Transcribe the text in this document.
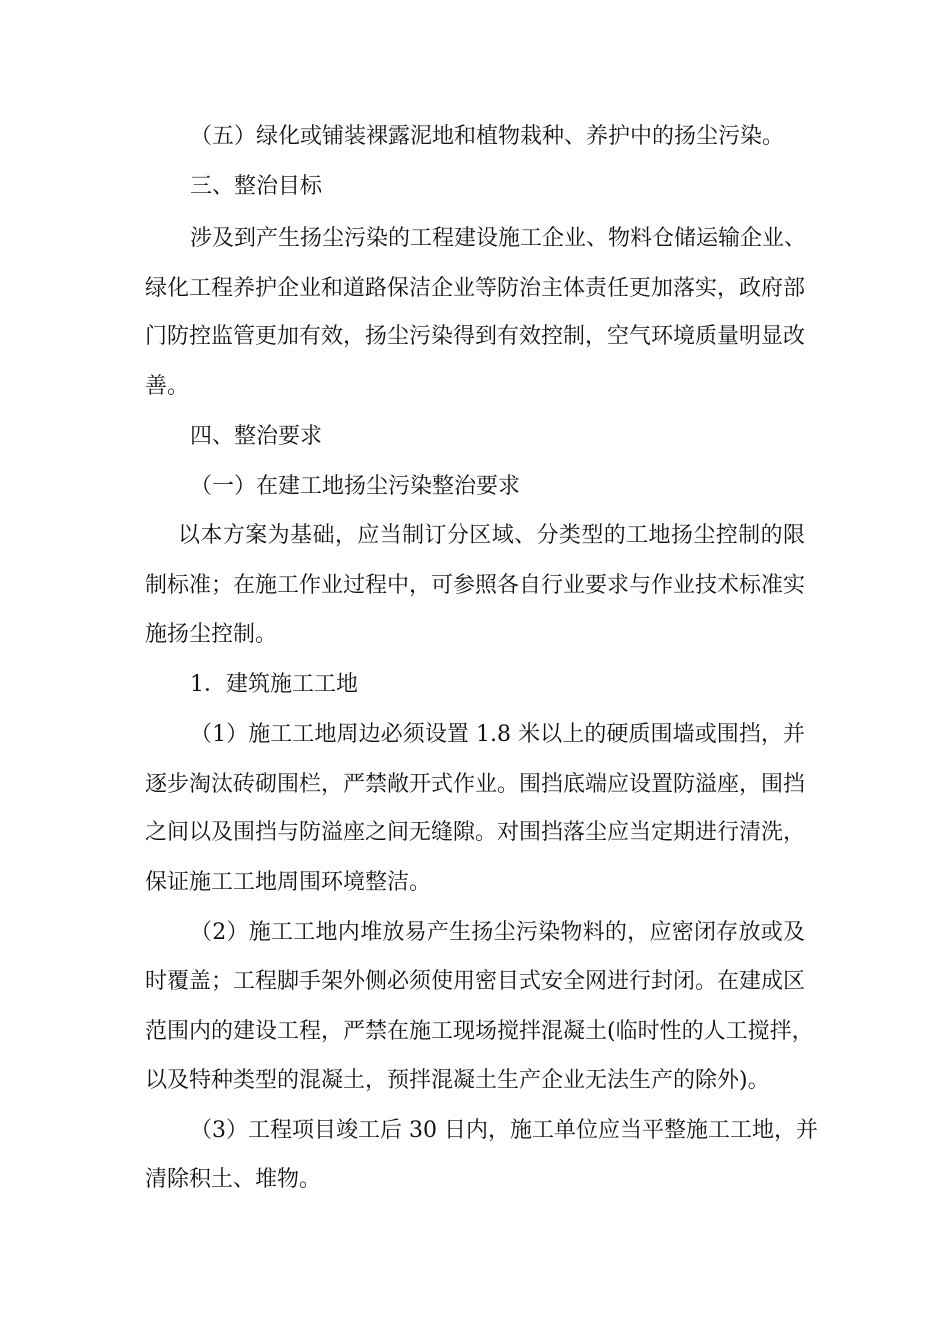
（五）绿化或铺装裸露泥地和植物栽种、养护中的扬尘污染。
三、整治目标
涉及到产生扬尘污染的工程建设施工企业、物料仓储运输企业、
绿化工程养护企业和道路保洁企业等防治主体责任更加落实，政府部
门防控监管更加有效，扬尘污染得到有效控制，空气环境质量明显改
善。
四、整治要求
（一）在建工地扬尘污染整治要求
以本方案为基础，应当制订分区域、分类型的工地扬尘控制的限
制标准；在施工作业过程中，可参照各自行业要求与作业技术标准实
施扬尘控制。
1．建筑施工工地
（1）施工工地周边必须设置 1.8 米以上的硬质围墙或围挡，并
逐步淘汰砖砌围栏，严禁敞开式作业。围挡底端应设置防溢座，围挡
之间以及围挡与防溢座之间无缝隙。对围挡落尘应当定期进行清洗，
保证施工工地周围环境整洁。
（2）施工工地内堆放易产生扬尘污染物料的，应密闭存放或及
时覆盖；工程脚手架外侧必须使用密目式安全网进行封闭。在建成区
范围内的建设工程，严禁在施工现场搅拌混凝土(临时性的人工搅拌，
以及特种类型的混凝土，预拌混凝土生产企业无法生产的除外)。
（3）工程项目竣工后 30 日内，施工单位应当平整施工工地，并
清除积土、堆物。
